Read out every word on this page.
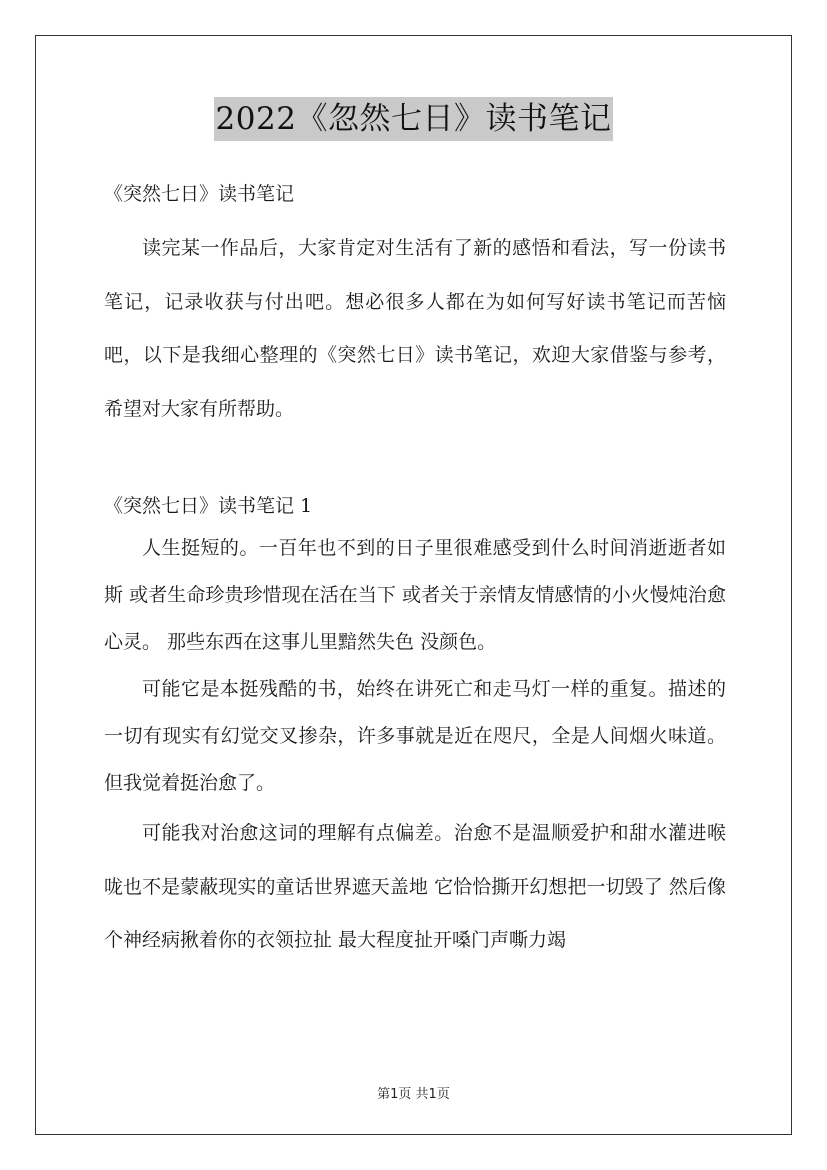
2022《忽然七日》读书笔记

《突然七日》读书笔记

读完某一作品后，大家肯定对生活有了新的感悟和看法，写一份读书笔记，记录收获与付出吧。想必很多人都在为如何写好读书笔记而苦恼吧，以下是我细心整理的《突然七日》读书笔记，欢迎大家借鉴与参考，希望对大家有所帮助。

《突然七日》读书笔记 1

人生挺短的。一百年也不到的日子里很难感受到什么时间消逝逝者如斯 或者生命珍贵珍惜现在活在当下 或者关于亲情友情感情的小火慢炖治愈心灵。 那些东西在这事儿里黯然失色 没颜色。

可能它是本挺残酷的书，始终在讲死亡和走马灯一样的重复。描述的一切有现实有幻觉交叉掺杂，许多事就是近在咫尺，全是人间烟火味道。但我觉着挺治愈了。

可能我对治愈这词的理解有点偏差。治愈不是温顺爱护和甜水灌进喉咙也不是蒙蔽现实的童话世界遮天盖地 它恰恰撕开幻想把一切毁了 然后像个神经病揪着你的衣领拉扯 最大程度扯开嗓门声嘶力竭

第1页 共1页
